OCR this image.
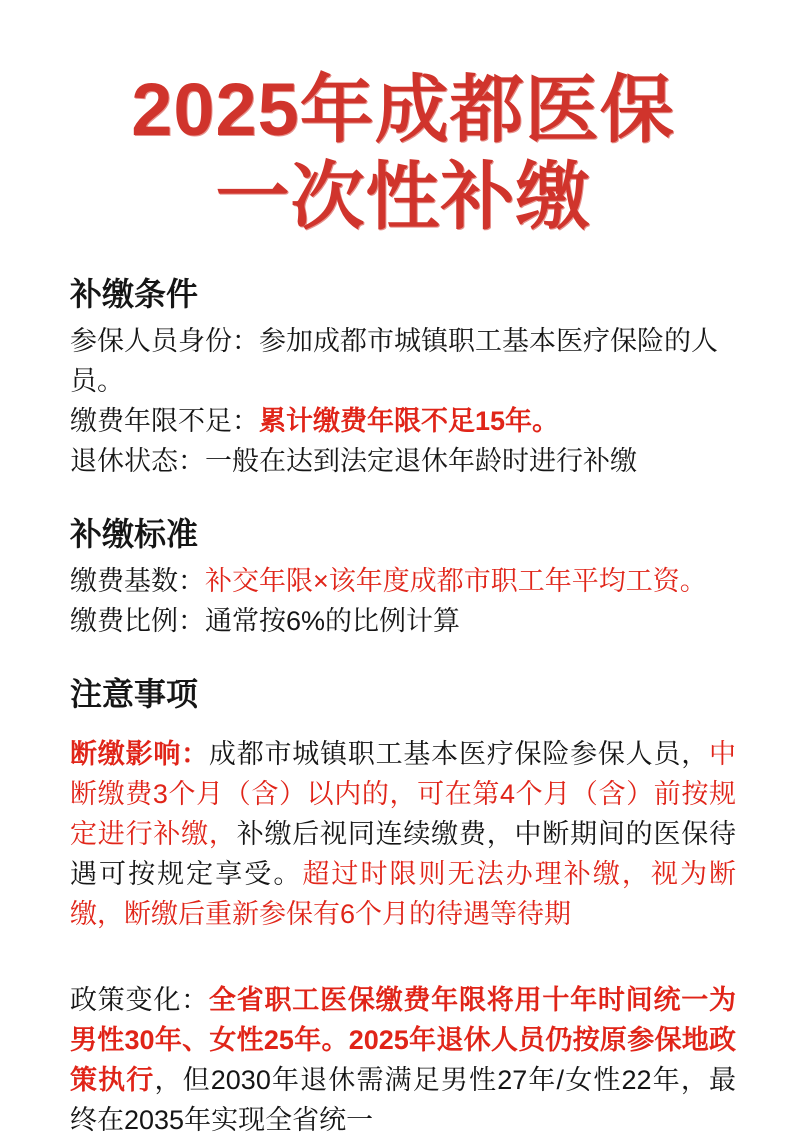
2025年成都医保
一次性补缴
补缴条件

参保人员身份：参加成都市城镇职工基本医疗保险的人员。

缴费年限不足：累计缴费年限不足15年。

退休状态：一般在达到法定退休年龄时进行补缴

补缴标准

缴费基数：补交年限×该年度成都市职工年平均工资。

缴费比例：通常按6%的比例计算

注意事项

断缴影响：成都市城镇职工基本医疗保险参保人员，中断缴费3个月（含）以内的，可在第4个月（含）前按规定进行补缴，补缴后视同连续缴费，中断期间的医保待遇可按规定享受。超过时限则无法办理补缴，视为断缴，断缴后重新参保有6个月的待遇等待期

政策变化：全省职工医保缴费年限将用十年时间统一为男性30年、女性25年。2025年退休人员仍按原参保地政策执行，但2030年退休需满足男性27年/女性22年，最终在2035年实现全省统一
